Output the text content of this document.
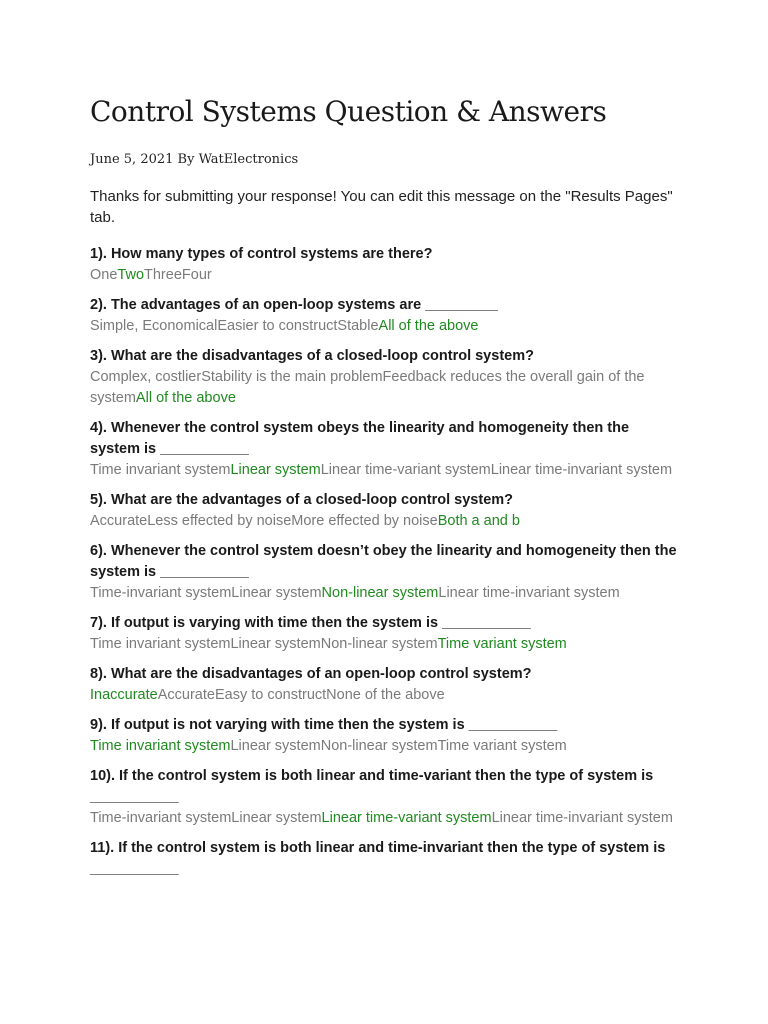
Control Systems Question & Answers
June 5, 2021 By WatElectronics
Thanks for submitting your response! You can edit this message on the "Results Pages" tab.
1). How many types of control systems are there?
OneTwoThreeFour
2). The advantages of an open-loop systems are _________
Simple, EconomicalEasier to constructStableAll of the above
3). What are the disadvantages of a closed-loop control system?
Complex, costlierStability is the main problemFeedback reduces the overall gain of the systemAll of the above
4). Whenever the control system obeys the linearity and homogeneity then the system is ___________
Time invariant systemLinear systemLinear time-variant systemLinear time-invariant system
5). What are the advantages of a closed-loop control system?
AccurateLess effected by noiseMore effected by noiseBoth a and b
6). Whenever the control system doesn’t obey the linearity and homogeneity then the system is ___________
Time-invariant systemLinear systemNon-linear systemLinear time-invariant system
7). If output is varying with time then the system is ___________
Time invariant systemLinear systemNon-linear systemTime variant system
8). What are the disadvantages of an open-loop control system?
InaccurateAccurateEasy to constructNone of the above
9). If output is not varying with time then the system is ___________
Time invariant systemLinear systemNon-linear systemTime variant system
10). If the control system is both linear and time-variant then the type of system is ___________
Time-invariant systemLinear systemLinear time-variant systemLinear time-invariant system
11). If the control system is both linear and time-invariant then the type of system is ___________
